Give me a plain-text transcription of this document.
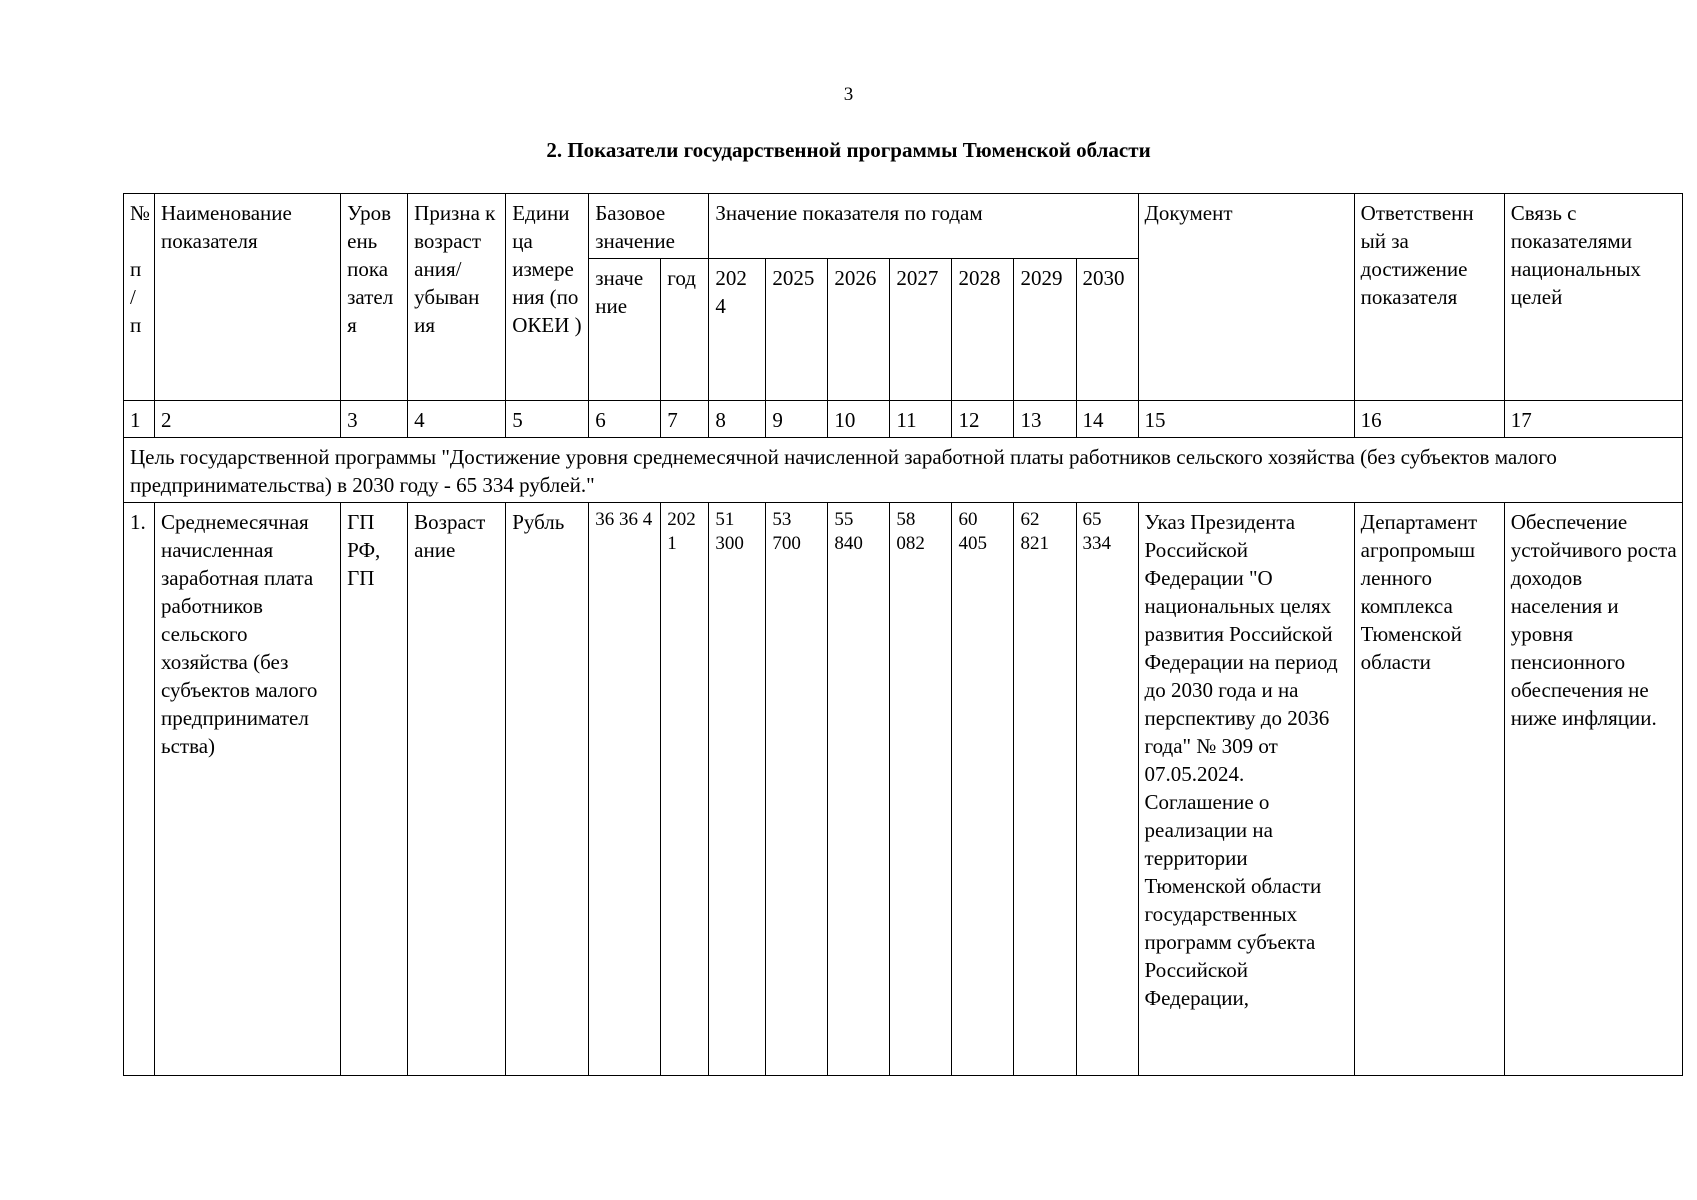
3
2. Показатели государственной программы Тюменской области
№

п
/
п	Наименование показателя	Уров ень пока зател я	Призна к возраст ания/ убыван ия	Едини ца измере ния (по ОКЕИ )	Базовое значение		Значение показателя по годам							Документ	Ответственн ый за достижение показателя	Связь с показателями национальных целей
					значе ние	год	202 4	2025	2026	2027	2028	2029	2030			
1	2	3	4	5	6	7	8	9	10	11	12	13	14	15	16	17
Цель государственной программы "Достижение уровня среднемесячной начисленной заработной платы работников сельского хозяйства (без субъектов малого предпринимательства) в 2030 году - 65 334 рублей."																
1.	Среднемесячная начисленная заработная плата работников сельского хозяйства (без субъектов малого предпринимател ьства)	ГП РФ, ГП	Возраст ание	Рубль	36 36 4	202 1	51 300	53 700	55 840	58 082	60 405	62 821	65 334	Указ Президента Российской Федерации "О национальных целях развития Российской Федерации на период до 2030 года и на перспективу до 2036 года" № 309 от 07.05.2024. Соглашение о реализации на территории Тюменской области государственных программ субъекта Российской Федерации,	Департамент агропромыш ленного комплекса Тюменской области	Обеспечение устойчивого роста доходов населения и уровня пенсионного обеспечения не ниже инфляции.
